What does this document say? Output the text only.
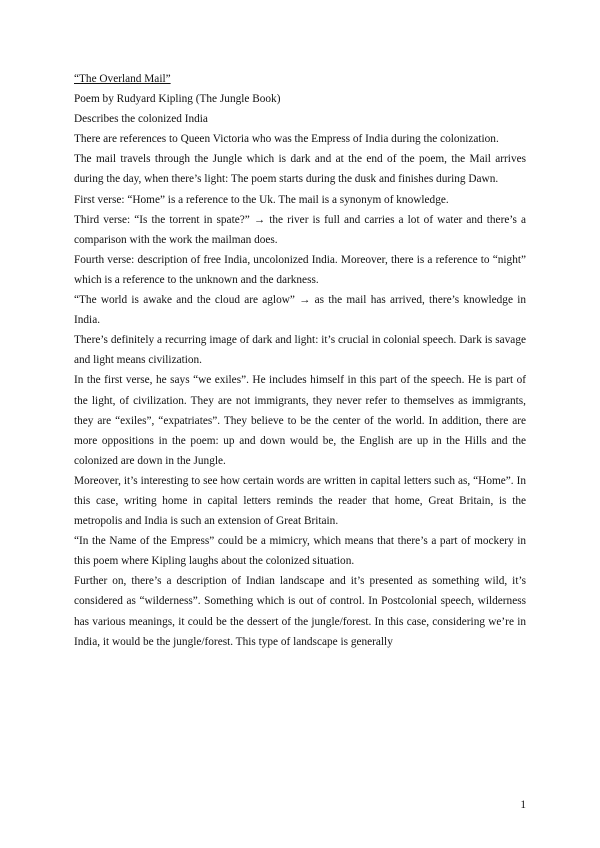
“The Overland Mail”

Poem by Rudyard Kipling (The Jungle Book)

Describes the colonized India

There are references to Queen Victoria who was the Empress of India during the colonization.

The mail travels through the Jungle which is dark and at the end of the poem, the Mail arrives during the day, when there’s light: The poem starts during the dusk and finishes during Dawn.

First verse: “Home” is a reference to the Uk. The mail is a synonym of knowledge.

Third verse: “Is the torrent in spate?” → the river is full and carries a lot of water and there’s a comparison with the work the mailman does.

Fourth verse: description of free India, uncolonized India. Moreover, there is a reference to “night” which is a reference to the unknown and the darkness.

“The world is awake and the cloud are aglow” → as the mail has arrived, there’s knowledge in India.

There’s definitely a recurring image of dark and light: it’s crucial in colonial speech. Dark is savage and light means civilization.

In the first verse, he says “we exiles”. He includes himself in this part of the speech. He is part of the light, of civilization. They are not immigrants, they never refer to themselves as immigrants, they are “exiles”, “expatriates”. They believe to be the center of the world. In addition, there are more oppositions in the poem: up and down would be, the English are up in the Hills and the colonized are down in the Jungle.

Moreover, it’s interesting to see how certain words are written in capital letters such as, “Home”. In this case, writing home in capital letters reminds the reader that home, Great Britain, is the metropolis and India is such an extension of Great Britain.

“In the Name of the Empress” could be a mimicry, which means that there’s a part of mockery in this poem where Kipling laughs about the colonized situation.

Further on, there’s a description of Indian landscape and it’s presented as something wild, it’s considered as “wilderness”. Something which is out of control. In Postcolonial speech, wilderness has various meanings, it could be the dessert of the jungle/forest. In this case, considering we’re in India, it would be the jungle/forest. This type of landscape is generally

1
